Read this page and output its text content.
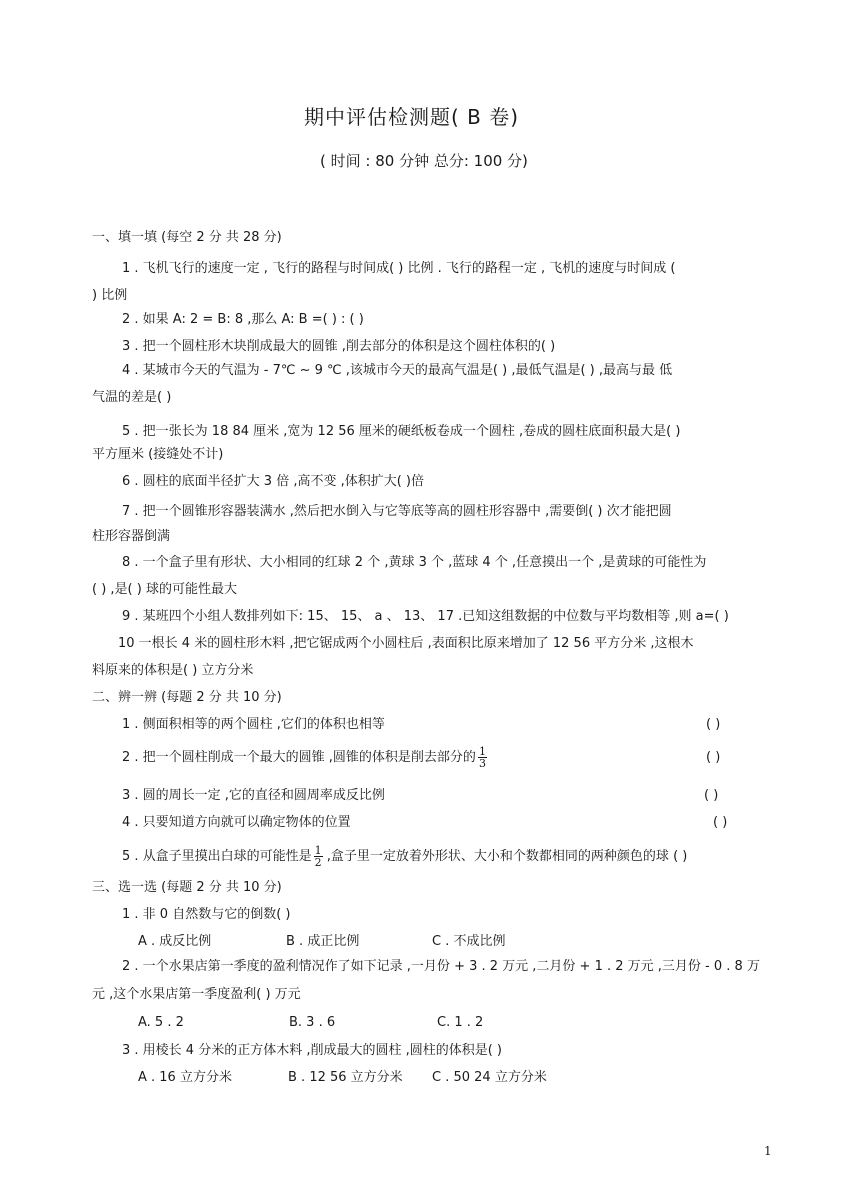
期中评估检测题( B 卷)
( 时间 : 80 分钟 总分: 100 分)
一、填一填 (每空 2 分 共 28 分)
1 . 飞机飞行的速度一定 , 飞行的路程与时间成( ) 比例 . 飞行的路程一定 , 飞机的速度与时间成 (
) 比例
2 . 如果 A: 2 = B: 8 ,那么 A: B =( ) : ( )
3 . 把一个圆柱形木块削成最大的圆锥 ,削去部分的体积是这个圆柱体积的( )
4 . 某城市今天的气温为 - 7℃ ~ 9 ℃ ,该城市今天的最高气温是( ) ,最低气温是( ) ,最高与最 低
气温的差是( )
5 . 把一张长为 18 84 厘米 ,宽为 12 56 厘米的硬纸板卷成一个圆柱 ,卷成的圆柱底面积最大是( )
平方厘米 (接缝处不计)
6 . 圆柱的底面半径扩大 3 倍 ,高不变 ,体积扩大( )倍
7 . 把一个圆锥形容器装满水 ,然后把水倒入与它等底等高的圆柱形容器中 ,需要倒( ) 次才能把圆
柱形容器倒满
8 . 一个盒子里有形状、大小相同的红球 2 个 ,黄球 3 个 ,蓝球 4 个 ,任意摸出一个 ,是黄球的可能性为
( ) ,是( ) 球的可能性最大
9 . 某班四个小组人数排列如下: 15、 15、 a 、 13、 17 .已知这组数据的中位数与平均数相等 ,则 a=( )
10 一根长 4 米的圆柱形木料 ,把它锯成两个小圆柱后 ,表面积比原来增加了 12 56 平方分米 ,这根木
料原来的体积是( ) 立方分米
二、辨一辨 (每题 2 分 共 10 分)
1 . 侧面积相等的两个圆柱 ,它们的体积也相等	( )
2 . 把一个圆柱削成一个最大的圆锥 ,圆锥的体积是削去部分的 $\frac{1}{3}$	( )
3 . 圆的周长一定 ,它的直径和圆周率成反比例	( )
4 . 只要知道方向就可以确定物体的位置	( )
5 . 从盒子里摸出白球的可能性是 $\frac{1}{2}$ ,盒子里一定放着外形状、大小和个数都相同的两种颜色的球 ( )
三、选一选 (每题 2 分 共 10 分)
1 . 非 0 自然数与它的倒数( )
A . 成反比例	B . 成正比例	C . 不成比例
2 . 一个水果店第一季度的盈利情况作了如下记录 ,一月份 + 3 . 2 万元 ,二月份 + 1 . 2 万元 ,三月份 - 0 . 8 万
元 ,这个水果店第一季度盈利( ) 万元
A. 5 . 2	B. 3 . 6	C. 1 . 2
3 . 用棱长 4 分米的正方体木料 ,削成最大的圆柱 ,圆柱的体积是( )
A . 16 立方分米	B . 12 56 立方分米 C . 50 24 立方分米
1
